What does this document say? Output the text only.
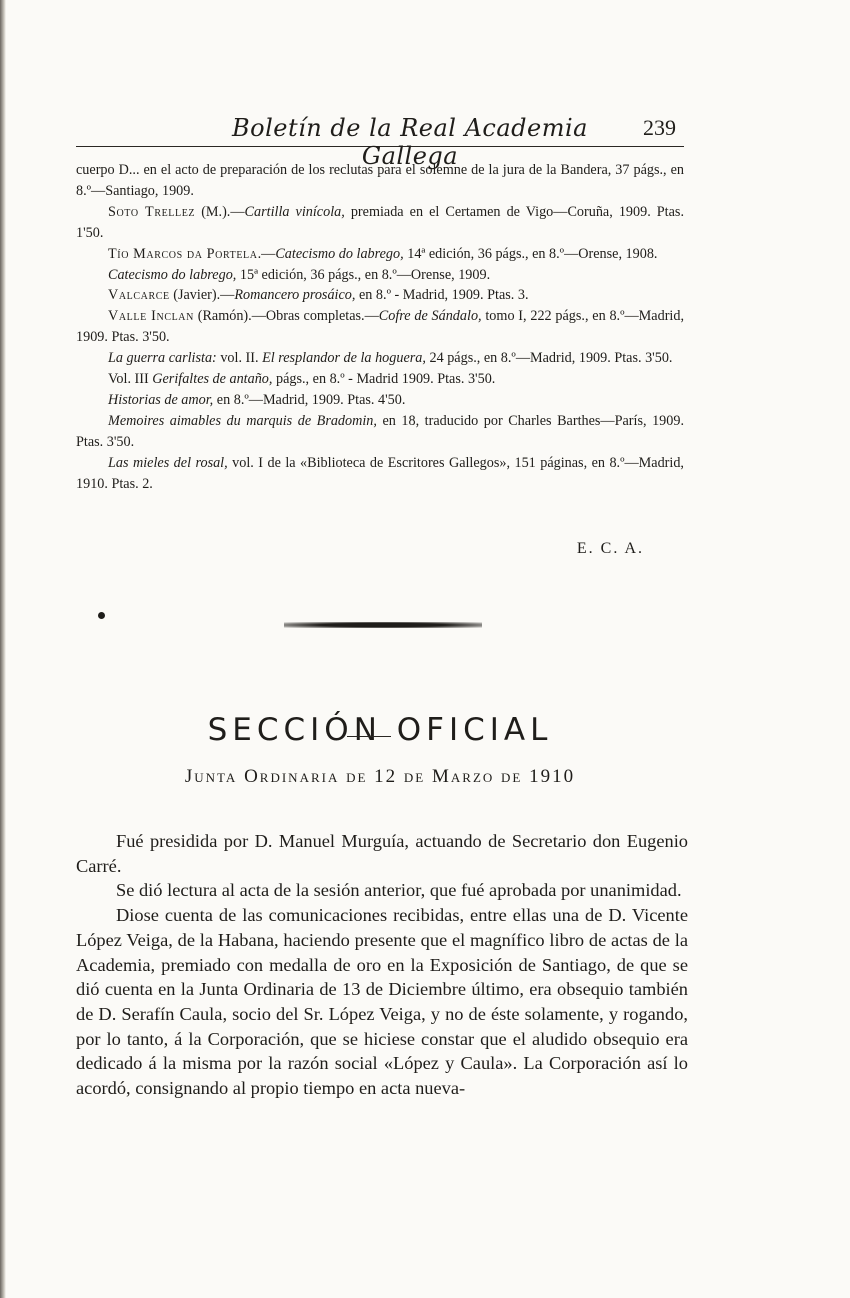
Boletín de la Real Academia Gallega
239

cuerpo D... en el acto de preparación de los reclutas para el solemne de la jura de la Bandera, 37 págs., en 8.º—Santiago, 1909.

Soto Trellez (M.).—Cartilla vinícola, premiada en el Certamen de Vigo—Coruña, 1909. Ptas. 1'50.

Tío Marcos da Portela.—Catecismo do labrego, 14ª edición, 36 págs., en 8.º—Orense, 1908.

Catecismo do labrego, 15ª edición, 36 págs., en 8.º—Orense, 1909.

Valcarce (Javier).—Romancero prosáico, en 8.º - Madrid, 1909. Ptas. 3.

Valle Inclan (Ramón).—Obras completas.—Cofre de Sándalo, tomo I, 222 págs., en 8.º—Madrid, 1909. Ptas. 3'50.

La guerra carlista: vol. II. El resplandor de la hoguera, 24 págs., en 8.º—Madrid, 1909. Ptas. 3'50.

Vol. III Gerifaltes de antaño, págs., en 8.º - Madrid 1909. Ptas. 3'50.

Historias de amor, en 8.º—Madrid, 1909. Ptas. 4'50.

Memoires aimables du marquis de Bradomin, en 18, traducido por Charles Barthes—París, 1909. Ptas. 3'50.

Las mieles del rosal, vol. I de la «Biblioteca de Escritores Gallegos», 151 páginas, en 8.º—Madrid, 1910. Ptas. 2.

E. C. A.
SECCIÓN OFICIAL
Junta Ordinaria de 12 de Marzo de 1910

Fué presidida por D. Manuel Murguía, actuando de Secretario don Eugenio Carré.

Se dió lectura al acta de la sesión anterior, que fué aprobada por unanimidad.

Diose cuenta de las comunicaciones recibidas, entre ellas una de D. Vicente López Veiga, de la Habana, haciendo presente que el magnífico libro de actas de la Academia, premiado con medalla de oro en la Exposición de Santiago, de que se dió cuenta en la Junta Ordinaria de 13 de Diciembre último, era obsequio también de D. Serafín Caula, socio del Sr. López Veiga, y no de éste solamente, y rogando, por lo tanto, á la Corporación, que se hiciese constar que el aludido obsequio era dedicado á la misma por la razón social «López y Caula». La Corporación así lo acordó, consignando al propio tiempo en acta nueva-
